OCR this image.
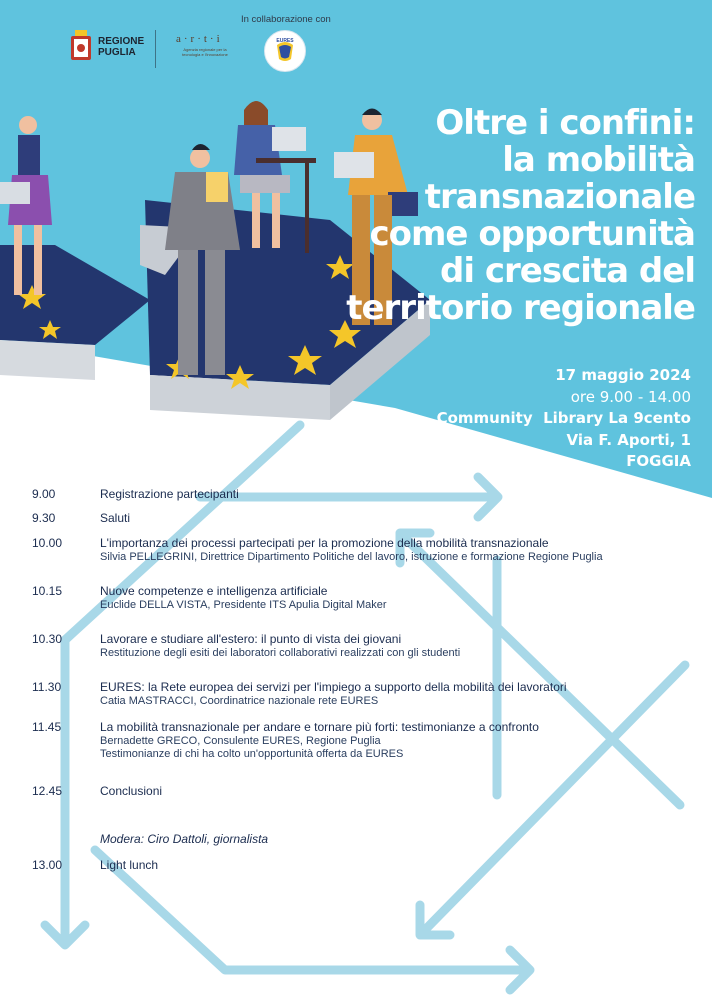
In collaborazione con
REGIONE PUGLIA
a·r·t·i
Agenzia regionale per la tecnologia e l'innovazione
EURES
Oltre i confini:
la mobilità
transnazionale
come opportunità
di crescita del
territorio regionale
17 maggio 2024
ore 9.00 - 14.00
Community  Library La 9cento
Via F. Aporti, 1
FOGGIA
9.00	Registrazione partecipanti
9.30	Saluti
10.00	L'importanza dei processi partecipati per la promozione della mobilità transnazionale
Silvia PELLEGRINI, Direttrice Dipartimento Politiche del lavoro, istruzione e formazione Regione Puglia
10.15	Nuove competenze e intelligenza artificiale
Euclide DELLA VISTA, Presidente ITS Apulia Digital Maker
10.30	Lavorare e studiare all'estero: il punto di vista dei giovani
Restituzione degli esiti dei laboratori collaborativi realizzati con gli studenti
11.30	EURES: la Rete europea dei servizi per l'impiego a supporto della mobilità dei lavoratori
Catia MASTRACCI, Coordinatrice nazionale rete EURES
11.45	La mobilità transnazionale per andare e tornare più forti: testimonianze a confronto
Bernadette GRECO, Consulente EURES, Regione Puglia
Testimonianze di chi ha colto un'opportunità offerta da EURES
12.45	Conclusioni
Modera: Ciro Dattoli, giornalista
13.00	Light lunch
